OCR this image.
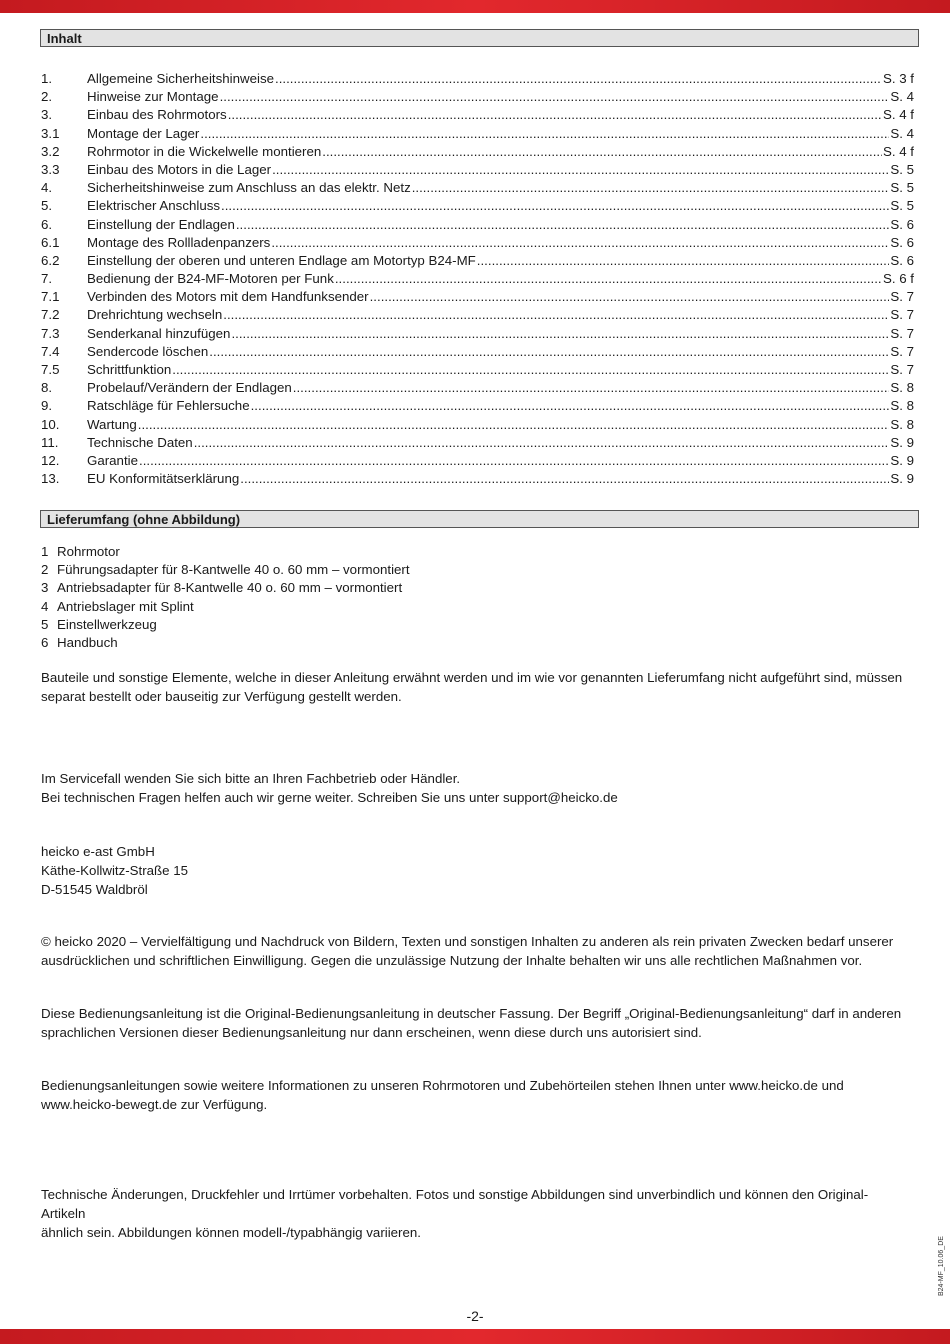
Inhalt
1.	Allgemeine Sicherheitshinweise .....	S. 3 f
2.	Hinweise zur Montage .....	S. 4
3.	Einbau des Rohrmotors .....	S. 4 f
3.1	Montage der Lager .....	S. 4
3.2	Rohrmotor in die Wickelwelle montieren .....	S. 4 f
3.3	Einbau des Motors in die Lager .....	S. 5
4.	Sicherheitshinweise zum Anschluss an das elektr. Netz .....	S. 5
5.	Elektrischer Anschluss .....	S. 5
6.	Einstellung der Endlagen .....	S. 6
6.1	Montage des Rollladenpanzers .....	S. 6
6.2	Einstellung der oberen und unteren Endlage am Motortyp B24-MF .....	S. 6
7.	Bedienung der B24-MF-Motoren per Funk .....	S. 6 f
7.1	Verbinden des Motors mit dem Handfunksender .....	S. 7
7.2	Drehrichtung wechseln .....	S. 7
7.3	Senderkanal hinzufügen .....	S. 7
7.4	Sendercode löschen .....	S. 7
7.5	Schrittfunktion .....	S. 7
8.	Probelauf/Verändern der Endlagen .....	S. 8
9.	Ratschläge für Fehlersuche .....	S. 8
10.	Wartung .....	S. 8
11.	Technische Daten .....	S. 9
12.	Garantie .....	S. 9
13.	EU Konformitätserklärung .....	S. 9
Lieferumfang (ohne Abbildung)
1 Rohrmotor
2 Führungsadapter für 8-Kantwelle 40 o. 60 mm – vormontiert
3 Antriebsadapter für 8-Kantwelle 40 o. 60 mm – vormontiert
4 Antriebslager mit Splint
5 Einstellwerkzeug
6 Handbuch

Bauteile und sonstige Elemente, welche in dieser Anleitung erwähnt werden und im wie vor genannten Lieferumfang nicht aufgeführt sind, müssen
separat bestellt oder bauseitig zur Verfügung gestellt werden.

Im Servicefall wenden Sie sich bitte an Ihren Fachbetrieb oder Händler.
Bei technischen Fragen helfen auch wir gerne weiter. Schreiben Sie uns unter support@heicko.de

heicko e-ast GmbH
Käthe-Kollwitz-Straße 15
D-51545 Waldbröl

© heicko 2020 – Vervielfältigung und Nachdruck von Bildern, Texten und sonstigen Inhalten zu anderen als rein privaten Zwecken bedarf unserer
ausdrücklichen und schriftlichen Einwilligung. Gegen die unzulässige Nutzung der Inhalte behalten wir uns alle rechtlichen Maßnahmen vor.

Diese Bedienungsanleitung ist die Original-Bedienungsanleitung in deutscher Fassung. Der Begriff „Original-Bedienungsanleitung“ darf in anderen
sprachlichen Versionen dieser Bedienungsanleitung nur dann erscheinen, wenn diese durch uns autorisiert sind.

Bedienungsanleitungen sowie weitere Informationen zu unseren Rohrmotoren und Zubehörteilen stehen Ihnen unter www.heicko.de und
www.heicko-bewegt.de zur Verfügung.

Technische Änderungen, Druckfehler und Irrtümer vorbehalten. Fotos und sonstige Abbildungen sind unverbindlich und können den Original-Artikeln
ähnlich sein. Abbildungen können modell-/typabhängig variieren.

-2-
B24-MF_10.06_DE
